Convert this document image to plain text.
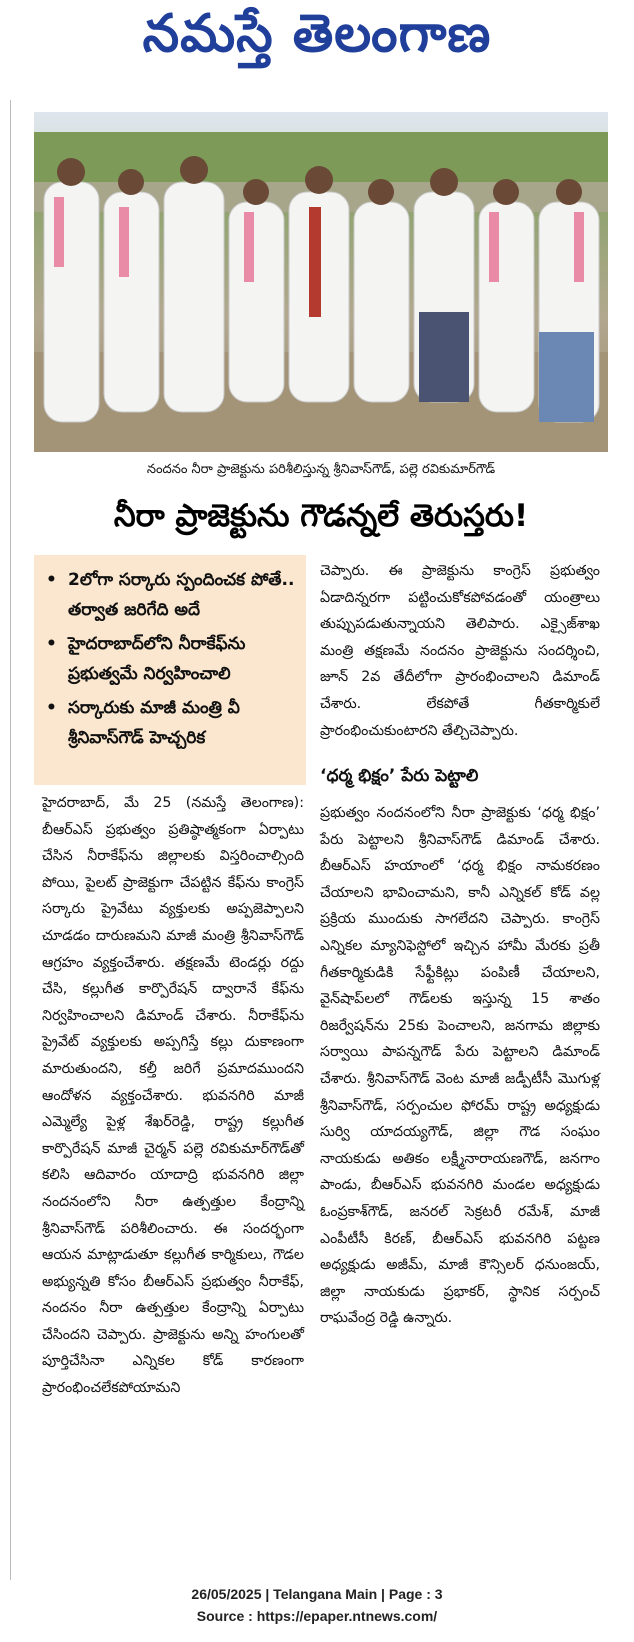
నమస్తే తెలంగాణ
నందనం నీరా ప్రాజెక్టును పరిశీలిస్తున్న శ్రీనివాస్‌గౌడ్‌, పల్లె రవికుమార్‌గౌడ్‌
నీరా ప్రాజెక్టును గౌడన్నలే తెరుస్తరు!
• 2లోగా సర్కారు స్పందించక పోతే.. తర్వాత జరిగేది అదే
• హైదరాబాద్‌లోని నీరాకేఫ్‌ను ప్రభుత్వమే నిర్వహించాలి
• సర్కారుకు మాజీ మంత్రి వీ శ్రీనివాస్‌గౌడ్‌ హెచ్చరిక

హైదరాబాద్‌, మే 25 (నమస్తే తెలంగాణ): బీఆర్‌ఎస్‌ ప్రభుత్వం ప్రతిష్ఠాత్మకంగా ఏర్పాటు చేసిన నీరాకేఫ్‌ను జిల్లాలకు విస్తరించాల్సింది పోయి, పైలట్‌ ప్రాజెక్టుగా చేపట్టిన కేఫ్‌ను కాంగ్రెస్‌ సర్కారు ప్రైవేటు వ్యక్తులకు అప్పజెప్పాలని చూడడం దారుణమని మాజీ మంత్రి శ్రీనివాస్‌గౌడ్‌ ఆగ్రహం వ్యక్తంచేశారు. తక్షణమే టెండర్లు రద్దు చేసి, కల్లుగీత కార్పొరేషన్‌ ద్వారానే కేఫ్‌ను నిర్వహించాలని డిమాండ్‌ చేశారు. నీరాకేఫ్‌ను ప్రైవేట్‌ వ్యక్తులకు అప్పగిస్తే కల్లు దుకాణంగా మారుతుందని, కల్తీ జరిగే ప్రమాదముందని ఆందోళన వ్యక్తంచేశారు. భువనగిరి మాజీ ఎమ్మెల్యే పైళ్ల శేఖర్‌రెడ్డి, రాష్ట్ర కల్లుగీత కార్పొరేషన్‌ మాజీ చైర్మన్‌ పల్లె రవికుమార్‌గౌడ్‌తో కలిసి ఆదివారం యాదాద్రి భువనగిరి జిల్లా నందనంలోని నీరా ఉత్పత్తుల కేంద్రాన్ని శ్రీనివాస్‌గౌడ్‌ పరిశీలించారు. ఈ సందర్భంగా ఆయన మాట్లాడుతూ కల్లుగీత కార్మికులు, గౌడల అభ్యున్నతి కోసం బీఆర్‌ఎస్‌ ప్రభుత్వం నీరాకేఫ్‌, నందనం నీరా ఉత్పత్తుల కేంద్రాన్ని ఏర్పాటు చేసిందని చెప్పారు. ప్రాజెక్టును అన్ని హంగులతో పూర్తిచేసినా ఎన్నికల కోడ్‌ కారణంగా ప్రారంభించలేకపోయామని

చెప్పారు. ఈ ప్రాజెక్టును కాంగ్రెస్‌ ప్రభుత్వం ఏడాదిన్నరగా పట్టించుకోకపోవడంతో యంత్రాలు తుప్పుపడుతున్నాయని తెలిపారు. ఎక్సైజ్‌శాఖ మంత్రి తక్షణమే నందనం ప్రాజెక్టును సందర్శించి, జూన్‌ 2వ తేదీలోగా ప్రారంభించాలని డిమాండ్‌ చేశారు. లేకపోతే గీతకార్మికులే ప్రారంభించుకుంటారని తేల్చిచెప్పారు.

‘ధర్మ భిక్షం’ పేరు పెట్టాలి

ప్రభుత్వం నందనంలోని నీరా ప్రాజెక్టుకు ‘ధర్మ భిక్షం’ పేరు పెట్టాలని శ్రీనివాస్‌గౌడ్‌ డిమాండ్‌ చేశారు. బీఆర్‌ఎస్‌ హయాంలో ‘ధర్మ భిక్షం నామకరణం చేయాలని భావించామని, కానీ ఎన్నికల్‌ కోడ్‌ వల్ల ప్రక్రియ ముందుకు సాగలేదని చెప్పారు. కాంగ్రెస్‌ ఎన్నికల మ్యానిఫెస్టోలో ఇచ్చిన హామీ మేరకు ప్రతీ గీతకార్మికుడికి సేఫ్టీకిట్లు పంపిణీ చేయాలని, వైన్‌షాప్‌లలో గౌడ్‌లకు ఇస్తున్న 15 శాతం రిజర్వేషన్‌ను 25కు పెంచాలని, జనగామ జిల్లాకు సర్వాయి పాపన్నగౌడ్‌ పేరు పెట్టాలని డిమాండ్‌ చేశారు. శ్రీనివాస్‌గౌడ్‌ వెంట మాజీ జడ్పీటీసీ మొగుళ్ల శ్రీనివాస్‌గౌడ్‌, సర్పంచుల ఫోరమ్‌ రాష్ట్ర అధ్యక్షుడు సుర్వి యాదయ్యగౌడ్‌, జిల్లా గౌడ సంఘం నాయకుడు అతికం లక్ష్మీనారాయణగౌడ్‌, జనగాం పాండు, బీఆర్‌ఎస్‌ భువనగిరి మండల అధ్యక్షుడు ఓంప్రకాశ్‌గౌడ్‌, జనరల్‌ సెక్రటరీ రమేశ్‌, మాజీ ఎంపీటీసీ కిరణ్‌, బీఆర్‌ఎస్‌ భువనగిరి పట్టణ అధ్యక్షుడు అజీమ్‌, మాజీ కౌన్సిలర్‌ ధనుంజయ్‌, జిల్లా నాయకుడు ప్రభాకర్‌, స్థానిక సర్పంచ్‌ రాఘవేంద్ర రెడ్డి ఉన్నారు.

26/05/2025 | Telangana Main | Page : 3
Source : https://epaper.ntnews.com/
